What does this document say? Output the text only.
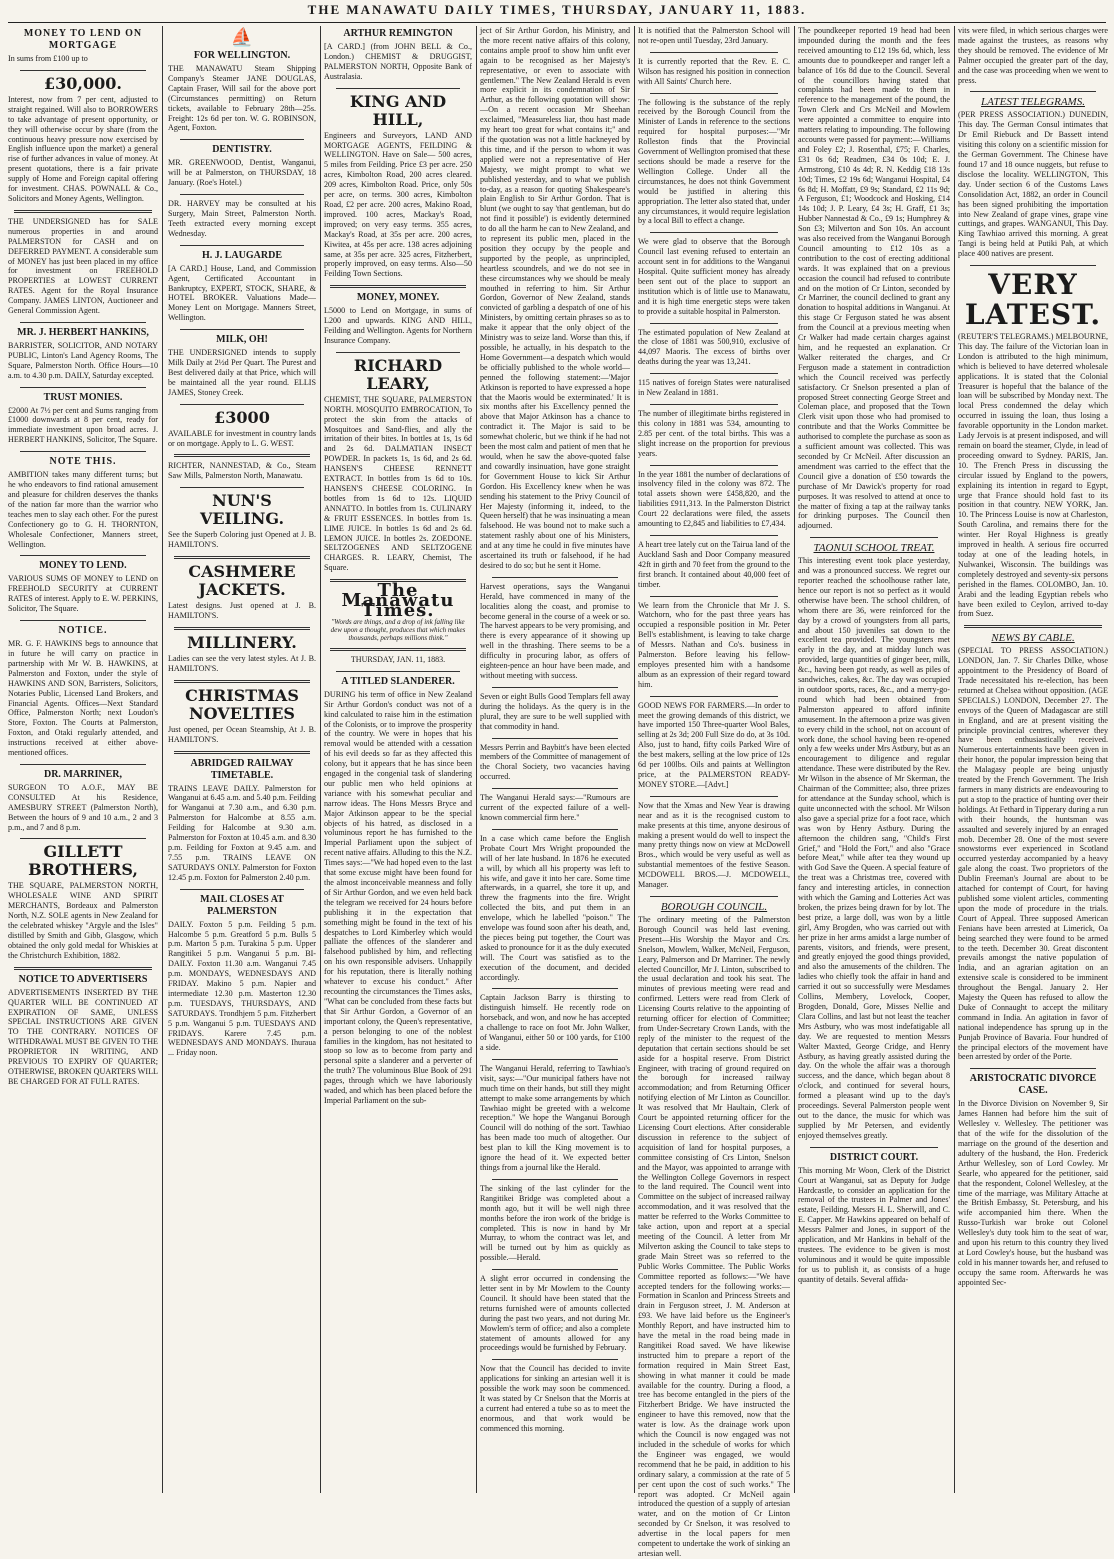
THE MANAWATU DAILY TIMES, THURSDAY, JANUARY 11, 1883.
MONEY TO LEND ON MORTGAGE
In sums from £100 up to
£30,000.
Interest, now from 7 per cent, adjusted to straight regained. Will also to BORROWERS to take advantage of present opportunity, or they will otherwise occur by share (from the continuous heavy pressure now exercised by English influence upon the market) a general rise of further advances in value of money. At present quotations, there is a fair private supply of Home and Foreign capital offering for investment. CHAS. POWNALL & Co., Solicitors and Money Agents, Wellington.
THE UNDERSIGNED has for SALE numerous properties in and around PALMERSTON for CASH and on DEFERRED PAYMENT. A considerable sum of MONEY has just been placed in my office for investment on FREEHOLD PROPERTIES at LOWEST CURRENT RATES. Agent for the Royal Insurance Company. JAMES LINTON, Auctioneer and General Commission Agent.
MR. J. HERBERT HANKINS,
BARRISTER, SOLICITOR, AND NOTARY PUBLIC, Linton's Land Agency Rooms, The Square, Palmerston North. Office Hours—10 a.m. to 4.30 p.m. DAILY, Saturday excepted.
TRUST MONIES.
£2000 At 7½ per cent and Sums ranging from £1000 downwards at 8 per cent, ready for immediate investment upon broad acres. J. HERBERT HANKINS, Solicitor, The Square.
NOTE THIS.
AMBITION takes many different turns; but he who endeavors to find rational amusement and pleasure for children deserves the thanks of the nation far more than the warrior who teaches men to slay each other. For the purest Confectionery go to G. H. THORNTON, Wholesale Confectioner, Manners street, Wellington.
MONEY TO LEND.
VARIOUS SUMS OF MONEY to LEND on FREEHOLD SECURITY at CURRENT RATES of interest. Apply to E. W. PERKINS, Solicitor, The Square.
NOTICE.
MR. G. F. HAWKINS begs to announce that in future he will carry on practice in partnership with Mr W. B. HAWKINS, at Palmerston and Foxton, under the style of HAWKINS AND SON, Barristers, Solicitors, Notaries Public, Licensed Land Brokers, and Financial Agents. Offices—Next Standard Office, Palmerston North; next Loudon's Store, Foxton. The Courts at Palmerston, Foxton, and Otaki regularly attended, and instructions received at either above-mentioned offices.
DR. MARRINER,
SURGEON TO A.O.F., MAY BE CONSULTED At his Residence, AMESBURY STREET (Palmerston North), Between the hours of 9 and 10 a.m., 2 and 3 p.m., and 7 and 8 p.m.
GILLETT BROTHERS,
THE SQUARE, PALMERSTON NORTH, WHOLESALE WINE AND SPIRIT MERCHANTS, Bordeaux and Palmerston North, N.Z. SOLE agents in New Zealand for the celebrated whiskey "Argyle and the Isles" distilled by Smith and Gibb, Glasgow, which obtained the only gold medal for Whiskies at the Christchurch Exhibition, 1882.
NOTICE TO ADVERTISERS
ADVERTISEMENTS INSERTED BY THE QUARTER WILL BE CONTINUED AT EXPIRATION OF SAME, UNLESS SPECIAL INSTRUCTIONS ARE GIVEN TO THE CONTRARY. NOTICES OF WITHDRAWAL MUST BE GIVEN TO THE PROPRIETOR IN WRITING, AND PREVIOUS TO EXPIRY OF QUARTER; OTHERWISE, BROKEN QUARTERS WILL BE CHARGED FOR AT FULL RATES.
⛵
FOR WELLINGTON.
THE MANAWATU Steam Shipping Company's Steamer JANE DOUGLAS, Captain Fraser, Will sail for the above port (Circumstances permitting) on Return tickets, available to February 28th—25s. Freight: 12s 6d per ton. W. G. ROBINSON, Agent, Foxton.
DENTISTRY.
MR. GREENWOOD, Dentist, Wanganui, will be at Palmerston, on THURSDAY, 18 January. (Roe's Hotel.)
DR. HARVEY may be consulted at his Surgery, Main Street, Palmerston North. Teeth extracted every morning except Wednesday.
H. J. LAUGARDE
[A CARD.] House, Land, and Commission Agent, Certificated Accountant in Bankruptcy, EXPERT, STOCK, SHARE, & HOTEL BROKER. Valuations Made—Money Lent on Mortgage. Manners Street, Wellington.
MILK, OH!
THE UNDERSIGNED intends to supply Milk Daily at 2½d Per Quart. The Purest and Best delivered daily at that Price, which will be maintained all the year round. ELLIS JAMES, Stoney Creek.
£3000
AVAILABLE for investment in country lands or on mortgage. Apply to L. G. WEST.
RICHTER, NANNESTAD, & Co., Steam Saw Mills, Palmerston North, Manawatu.
NUN'S VEILING.
See the Superb Coloring just Opened at J. B. HAMILTON'S.
CASHMERE JACKETS.
Latest designs. Just opened at J. B. HAMILTON'S.
MILLINERY.
Ladies can see the very latest styles. At J. B. HAMILTON'S.
CHRISTMAS NOVELTIES
Just opened, per Ocean Steamship, At J. B. HAMILTON'S.
ABRIDGED RAILWAY TIMETABLE.
TRAINS LEAVE DAILY. Palmerston for Wanganui at 6.45 a.m. and 5.40 p.m. Feilding for Wanganui at 7.30 a.m., and 6.30 p.m. Palmerston for Halcombe at 8.55 a.m. Feilding for Halcombe at 9.30 a.m. Palmerston for Foxton at 10.45 a.m. and 8.30 p.m. Feilding for Foxton at 9.45 a.m. and 7.55 p.m. TRAINS LEAVE ON SATURDAYS ONLY. Palmerston for Foxton 12.45 p.m. Foxton for Palmerston 2.40 p.m.
MAIL CLOSES AT PALMERSTON
DAILY. Foxton 5 p.m. Feilding 5 p.m. Halcombe 5 p.m. Greatford 5 p.m. Bulls 5 p.m. Marton 5 p.m. Turakina 5 p.m. Upper Rangitikei 5 p.m. Wanganui 5 p.m. BI-DAILY. Foxton 11.30 a.m. Wanganui 7.45 p.m. MONDAYS, WEDNESDAYS AND FRIDAY. Makino 5 p.m. Napier and intermediate 12.30 p.m. Masterton 12.30 p.m. TUESDAYS, THURSDAYS, AND SATURDAYS. Trondhjem 5 p.m. Fitzherbert 5 p.m. Wanganui 5 p.m. TUESDAYS AND FRIDAYS. Karere 7.45 p.m. WEDNESDAYS AND MONDAYS. Ihuraua ... Friday noon.
ARTHUR REMINGTON
[A CARD.] (from JOHN BELL & Co., London.) CHEMIST & DRUGGIST, PALMERSTON NORTH, Opposite Bank of Australasia.
KING AND HILL,
Engineers and Surveyors, LAND AND MORTGAGE AGENTS, FEILDING & WELLINGTON. Have on Sale— 500 acres, 5 miles from Feilding. Price £3 per acre. 250 acres, Kimbolton Road, 200 acres cleared. 209 acres, Kimbolton Road. Price, only 50s per acre, on terms. 300 acres, Kimbolton Road, £2 per acre. 200 acres, Makino Road, improved. 100 acres, Mackay's Road, improved; on very easy terms. 355 acres, Mackay's Road, at 35s per acre. 200 acres, Kiwitea, at 45s per acre. 138 acres adjoining same, at 35s per acre. 325 acres, Fitzherbert, properly improved, on easy terms. Also—50 Feilding Town Sections.
MONEY, MONEY.
L5000 to Lend on Mortgage, in sums of L200 and upwards. KING AND HILL, Feilding and Wellington. Agents for Northern Insurance Company.
RICHARD LEARY,
CHEMIST, THE SQUARE, PALMERSTON NORTH. MOSQUITO EMBROCATION, To protect the skin from the attacks of Mosquitoes and Sand-flies, and ally the irritation of their bites. In bottles at 1s, 1s 6d and 2s 6d. DALMATIAN INSECT POWDER. In packets 1s, 1s 6d, and 2s 6d. HANSEN'S CHEESE RENNETT EXTRACT. In bottles from 1s 6d to 10s. HANSEN'S CHEESE COLORING. In bottles from 1s 6d to 12s. LIQUID ANNATTO. In bottles from 1s. CULINARY & FRUIT ESSENCES. In bottles from 1s. LIME JUICE. In bottles 1s 6d and 2s 6d. LEMON JUICE. In bottles 2s. ZOEDONE. SELTZOGENES AND SELTZOGENE CHARGES. R. LEARY, Chemist, The Square.
The Manawatu Times.
"Words are things, and a drop of ink falling like dew upon a thought, produces that which makes thousands, perhaps millions think."
THURSDAY, JAN. 11, 1883.
A TITLED SLANDERER.
DURING his term of office in New Zealand Sir Arthur Gordon's conduct was not of a kind calculated to raise him in the estimation of the Colonists, or to improve the prosperity of the country. We were in hopes that his removal would be attended with a cessation of his evil deeds so far as they affected this colony, but it appears that he has since been engaged in the congenial task of slandering our public men who held opinions at variance with his somewhat peculiar and narrow ideas. The Hons Messrs Bryce and Major Atkinson appear to be the special objects of his hatred, as disclosed in a voluminous report he has furnished to the Imperial Parliament upon the subject of recent native affairs. Alluding to this the N.Z. Times says:—"We had hoped even to the last that some excuse might have been found for the almost inconceivable meanness and folly of Sir Arthur Gordon, and we even held back the telegram we received for 24 hours before publishing it in the expectation that something might be found in the text of his despatches to Lord Kimberley which would palliate the offences of the slanderer and falsehood published by him, and reflecting on his own responsible advisers. Unhappily for his reputation, there is literally nothing whatever to excuse his conduct." After recounting the circumstances the Times asks, "What can be concluded from these facts but that Sir Arthur Gordon, a Governor of an important colony, the Queen's representative, a person belonging to one of the noblest families in the kingdom, has not hesitated to stoop so low as to become from party and personal spite a slanderer and a perverter of the truth? The voluminous Blue Book of 291 pages, through which we have laboriously waded, and which has been placed before the Imperial Parliament on the sub-
ject of Sir Arthur Gordon, his Ministry, and the more recent native affairs of this colony, contains ample proof to show him unfit ever again to be recognised as her Majesty's representative, or even to associate with gentlemen." The New Zealand Herald is even more explicit in its condemnation of Sir Arthur, as the following quotation will show:—On a recent occasion Mr Sheehan exclaimed, "Measureless liar, thou hast made my heart too great for what contains it;" and if the quotation was not a little hackneyed by this time, and if the person to whom it was applied were not a representative of Her Majesty, we might prompt to what we published yesterday, and to what we publish to-day, as a reason for quoting Shakespeare's plain English to Sir Arthur Gordon. That is blunt (we ought to say 'that gentleman, but do not find it possible') is evidently determined to do all the harm he can to New Zealand, and to represent its public men, placed in the position they occupy by the people and supported by the people, as unprincipled, heartless scoundrels, and we do not see in these circumstances why we should be mealy mouthed in referring to him. Sir Arthur Gordon, Governor of New Zealand, stands convicted of garbling a despatch of one of his Ministers, by omitting certain phrases so as to make it appear that the only object of the Ministry was to seize land. Worse than this, if possible, he actually, in his despatch to the Home Government—a despatch which would be officially published to the whole world—penned the following statement:—'Major Atkinson is reported to have expressed a hope that the Maoris would be exterminated.' It is six months after his Excellency penned the above that Major Atkinson has a chance to contradict it. The Major is said to be somewhat choleric, but we think if he had not been the most calm and patient of men that he would, when he saw the above-quoted false and cowardly insinuation, have gone straight for Government House to kick Sir Arthur Gordon. His Excellency knew when he was sending his statement to the Privy Council of Her Majesty (informing it, indeed, to the Queen herself) that he was insinuating a mean falsehood. He was bound not to make such a statement rashly about one of his Ministers, and at any time he could in five minutes have ascertained its truth or falsehood, if he had desired to do so; but he sent it Home.
Harvest operations, says the Wanganui Herald, have commenced in many of the localities along the coast, and promise to become general in the course of a week or so. The harvest appears to be very promising, and there is every appearance of it showing up well in the thrashing. There seems to be a difficulty in procuring labor, as offers of eighteen-pence an hour have been made, and without meeting with success.
Seven or eight Bulls Good Templars fell away during the holidays. As the query is in the plural, they are sure to be well supplied with that commodity in hand.
Messrs Perrin and Baybitt's have been elected members of the Committee of management of the Choral Society, two vacancies having occurred.
The Wanganui Herald says:—"Rumours are current of the expected failure of a well-known commercial firm here."
In a case which came before the English Probate Court Mrs Wright propounded the will of her late husband. In 1876 he executed a will, by which all his property was left to his wife, and gave it into her care. Some time afterwards, in a quarrel, she tore it up, and threw the fragments into the fire. Wright collected the bits, and put them in an envelope, which he labelled "poison." The envelope was found soon after his death, and, the pieces being put together, the Court was asked to pronounce for it as the duly executed will. The Court was satisfied as to the execution of the document, and decided accordingly.
Captain Jackson Barry is thirsting to distinguish himself. He recently rode on horseback, and won, and now he has accepted a challenge to race on foot Mr. John Walker, of Wanganui, either 50 or 100 yards, for £100 a side.
The Wanganui Herald, referring to Tawhiao's visit, says:—"Our municipal fathers have not much time on their hands, but still they might attempt to make some arrangements by which Tawhiao might be greeted with a welcome reception." We hope the Wanganui Borough Council will do nothing of the sort. Tawhiao has been made too much of altogether. Our best plan to kill the King movement is to ignore the head of it. We expected better things from a journal like the Herald.
The sinking of the last cylinder for the Rangitikei Bridge was completed about a month ago, but it will be well nigh three months before the iron work of the bridge is completed. This is now in hand by Mr Murray, to whom the contract was let, and will be turned out by him as quickly as possible.—Herald.
A slight error occurred in condensing the letter sent in by Mr Mowlem to the County Council. It should have been stated that the returns furnished were of amounts collected during the past two years, and not during Mr. Mowlem's term of office; and also a complete statement of amounts allowed for any proceedings would be furnished by February.
Now that the Council has decided to invite applications for sinking an artesian well it is possible the work may soon be commenced. It was stated by Cr Snelson that the Morris at a current had entered a tube so as to meet the enormous, and that work would be commenced this morning.
It is notified that the Palmerston School will not re-open until Tuesday, 23rd January.
It is currently reported that the Rev. E. C. Wilson has resigned his position in connection with All Saints' Church here.
The following is the substance of the reply received by the Borough Council from the Minister of Lands in reference to the sections required for hospital purposes:—"Mr Rolleston finds that the Provincial Government of Wellington promised that these sections should be made a reserve for the Wellington College. Under all the circumstances, he does not think Government would be justified in altering this appropriation. The letter also stated that, under any circumstances, it would require legislation by a local Bill to effect a change.
We were glad to observe that the Borough Council last evening refused to entertain an account sent in for additions to the Wanganui Hospital. Quite sufficient money has already been sent out of the place to support an institution which is of little use to Manawatu, and it is high time energetic steps were taken to provide a suitable hospital in Palmerston.
The estimated population of New Zealand at the close of 1881 was 500,910, exclusive of 44,097 Maoris. The excess of births over deaths during the year was 13,241.
115 natives of foreign States were naturalised in New Zealand in 1881.
The number of illegitimate births registered in this colony in 1881 was 534, amounting to 2.85 per cent. of the total births. This was a slight increase on the proportion for previous years.
In the year 1881 the number of declarations of insolvency filed in the colony was 872. The total assets shown were £458,820, and the liabilities £911,313. In the Palmerston District Court 22 declarations were filed, the assets amounting to £2,845 and liabilities to £7,434.
A heart tree lately cut on the Tairua land of the Auckland Sash and Door Company measured 42ft in girth and 70 feet from the ground to the first branch. It contained about 40,000 feet of timber.
We learn from the Chronicle that Mr J. S. Watchorn, who for the past three years has occupied a responsible position in Mr. Peter Bell's establishment, is leaving to take charge of Messrs. Nathan and Co's. business in Palmerston. Before leaving his fellow-employes presented him with a handsome album as an expression of their regard toward him.
GOOD NEWS FOR FARMERS.—In order to meet the growing demands of this district, we have imported 150 Three-quarter Wool Bales, selling at 2s 3d; 200 Full Size do do, at 3s 10d. Also, just to hand, fifty coils Parked Wire of the best makers, selling at the low price of 12s 6d per 100lbs. Oils and paints at Wellington price, at the PALMERSTON READY-MONEY STORE.—[Advt.]
Now that the Xmas and New Year is drawing near and as it is the recognised custom to make presents at this time, anyone desirous of making a present would do well to inspect the many pretty things now on view at McDowell Bros., which would be very useful as well as substantial mementoes of the festive Season. MCDOWELL BROS.—J. MCDOWELL, Manager.
BOROUGH COUNCIL.
The ordinary meeting of the Palmerston Borough Council was held last evening. Present—His Worship the Mayor and Crs. Snelson, Mowlem, Walker, McNeil, Ferguson, Leary, Palmerson and Dr Marriner. The newly elected Councillor, Mr J. Linton, subscribed to the usual declaration and took his seat. The minutes of previous meeting were read and confirmed. Letters were read from Clerk of Licensing Courts relative to the appointing of returning officer for election of Committee; from Under-Secretary Crown Lands, with the reply of the minister to the request of the deputation that certain sections should be set aside for a hospital reserve. From District Engineer, with tracing of ground required on the borough for increased railway accommodation; and from Returning Officer notifying election of Mr Linton as Councillor. It was resolved that Mr Haultain, Clerk of Court be appointed returning officer for the Licensing Court elections. After considerable discussion in reference to the subject of acquisition of land for hospital purposes, a committee consisting of Crs Linton, Snelson and the Mayor, was appointed to arrange with the Wellington College Governors in respect to the land required. The Council went into Committee on the subject of increased railway accommodation, and it was resolved that the matter be referred to the Works Committee to take action, upon and report at a special meeting of the Council. A letter from Mr Milverton asking the Council to take steps to grade Main Street was so referred to the Public Works Committee. The Public Works Committee reported as follows:—"We have accepted tenders for the following works:—Formation in Scanlon and Princess Streets and drain in Ferguson street, J. M. Anderson at £93. We have laid before us the Engineer's Monthly Report, and have instructed him to have the metal in the road being made in Rangitikei Road saved. We have likewise instructed him to prepare a report of the formation required in Main Street East, showing in what manner it could be made available for the country. During a flood, a tree has become entangled in the piers of the Fitzherbert Bridge. We have instructed the engineer to have this removed, now that the water is low. As the drainage work upon which the Council is now engaged was not included in the schedule of works for which the Engineer was engaged, we would recommend that he be paid, in addition to his ordinary salary, a commission at the rate of 5 per cent upon the cost of such works." The report was adopted. Cr McNeil again introduced the question of a supply of artesian water, and on the motion of Cr Linton seconded by Cr Snelson, it was resolved to advertise in the local papers for men competent to undertake the work of sinking an artesian well.
The poundkeeper reported 19 head had been impounded during the month and the fees received amounting to £12 19s 6d, which, less amounts due to poundkeeper and ranger left a balance of 16s 8d due to the Council. Several of the councillors having stated that complaints had been made to them in reference to the management of the pound, the Town Clerk and Crs McNeil and Mowlem were appointed a committee to enquire into matters relating to impounding. The following accounts were passed for payment:—Williams and Foley £2; J. Rosenthal, £75; F. Charles, £31 0s 6d; Readmen, £34 0s 10d; E. J. Armstrong, £10 4s 4d; R. N. Keddig £18 13s 10d; Times, £2 19s 6d; Wanganui Hospital, £4 6s 8d; H. Moffatt, £9 9s; Standard, £2 11s 9d; A Ferguson, £1; Woodcock and Hosking, £14 14s 10d; J. P. Leary, £4 3s; H. Graff, £1 3s; Hubber Nannestad & Co., £9 1s; Humphrey & Son £3; Milverton and Son 10s. An account was also received from the Wanganui Borough Council amounting to £12 10s as a contribution to the cost of erecting additional wards. It was explained that on a previous occasion the council had refused to contribute and on the motion of Cr Linton, seconded by Cr Marriner, the council declined to grant any donation to hospital additions in Wanganui. At this stage Cr Ferguson stated he was absent from the Council at a previous meeting when Cr Walker had made certain charges against him, and he requested an explanation. Cr Walker reiterated the charges, and Cr Ferguson made a statement in contradiction which the Council received was perfectly satisfactory. Cr Snelson presented a plan of proposed Street connecting George Street and Coleman place, and proposed that the Town Clerk visit upon those who had promised to contribute and that the Works Committee be authorised to complete the purchase as soon as a sufficient amount was collected. This was seconded by Cr McNeil. After discussion an amendment was carried to the effect that the Council give a donation of £50 towards the purchase of Mr Dawick's property for road purposes. It was resolved to attend at once to the matter of fixing a tap at the railway tanks for drinking purposes. The Council then adjourned.
TAONUI SCHOOL TREAT.
This interesting event took place yesterday, and was a pronounced success. We regret our reporter reached the schoolhouse rather late, hence our report is not so perfect as it would otherwise have been. The school children, of whom there are 36, were reinforced for the day by a crowd of youngsters from all parts, and about 150 juveniles sat down to the excellent tea provided. The youngsters met early in the day, and at midday lunch was provided, large quantities of ginger beer, milk, &c., having been got ready, as well as piles of sandwiches, cakes, &c. The day was occupied in outdoor sports, races, &c., and a merry-go-round which had been obtained from Palmerston appeared to afford infinite amusement. In the afternoon a prize was given to every child in the school, not on account of work done, the school having been re-opened only a few weeks under Mrs Astbury, but as an encouragement to diligence and regular attendance. These were distributed by the Rev. Mr Wilson in the absence of Mr Skerman, the Chairman of the Committee; also, three prizes for attendance at the Sunday school, which is quite unconnected with the school. Mr Wilson also gave a special prize for a foot race, which was won by Henry Astbury. During the afternoon the children sang, "Child's First Grief," and "Hold the Fort," and also "Grace before Meat," while after tea they wound up with God Save the Queen. A special feature of the treat was a Christmas tree, covered with fancy and interesting articles, in connection with which the Gaming and Lotteries Act was broken, the prizes being drawn for by lot. The best prize, a large doll, was won by a little girl, Amy Brogden, who was carried out with her prize in her arms amidst a large number of parents, visitors, and friends, were present, and greatly enjoyed the good things provided, and also the amusements of the children. The ladies who chiefly took the affair in hand and carried it out so successfully were Mesdames Collins, Membery, Lovelock, Cooper, Brogden, Donald, Gore, Misses Nellie and Clara Collins, and last but not least the teacher Mrs Astbury, who was most indefatigable all day. We are requested to mention Messrs Walter Maxted, George Cridge, and Henry Astbury, as having greatly assisted during the day. On the whole the affair was a thorough success, and the dance, which began about 8 o'clock, and continued for several hours, formed a pleasant wind up to the day's proceedings. Several Palmerston people went out to the dance, the music for which was supplied by Mr Petersen, and evidently enjoyed themselves greatly.
DISTRICT COURT.
This morning Mr Woon, Clerk of the District Court at Wanganui, sat as Deputy for Judge Hardcastle, to consider an application for the removal of the trustees in Palmer and Jones' estate, Feilding. Messrs H. L. Sherwill, and C. E. Capper. Mr Hawkins appeared on behalf of Messrs Palmer and Jones, in support of the application, and Mr Hankins in behalf of the trustees. The evidence to be given is most voluminous and it would be quite impossible for us to publish it, as consists of a huge quantity of details. Several affida-
vits were filed, in which serious charges were made against the trustees, as reasons why they should be removed. The evidence of Mr Palmer occupied the greater part of the day, and the case was proceeding when we went to press.
LATEST TELEGRAMS.
(PER PRESS ASSOCIATION.) DUNEDIN, This day. The German Consul intimates that Dr Emil Riebuck and Dr Bassett intend visiting this colony on a scientific mission for the German Government. The Chinese have found 17 and 18 ounce nuggets, but refuse to disclose the locality. WELLINGTON, This day. Under section 6 of the Customs Laws Consolidation Act, 1882, an order in Council has been signed prohibiting the importation into New Zealand of grape vines, grape vine cuttings, and grapes. WANGANUI, This Day. King Tawhiao arrived this morning. A great Tangi is being held at Putiki Pah, at which place 400 natives are present.
VERY LATEST.
(REUTER'S TELEGRAMS.) MELBOURNE, This day. The failure of the Victorian loan in London is attributed to the high minimum, which is believed to have deterred wholesale applications. It is stated that the Colonial Treasurer is hopeful that the balance of the loan will be subscribed by Monday next. The local Press condemned the delay which occurred in issuing the loan, thus losing a favorable opportunity in the London market. Lady Jervois is at present indisposed, and will remain on board the steamer, Clyde, in lead of proceeding onward to Sydney. PARIS, Jan. 10. The French Press in discussing the circular issued by England to the powers, explaining its intention in regard to Egypt, urge that France should hold fast to its position in that country. NEW YORK, Jan. 10. The Princess Louise is now at Charleston, South Carolina, and remains there for the winter. Her Royal Highness is greatly improved in health. A serious fire occurred today at one of the leading hotels, in Nulwankei, Wisconsin. The buildings was completely destroyed and seventy-six persons perished in the flames. COLOMBO, Jan. 10. Arabi and the leading Egyptian rebels who have been exiled to Ceylon, arrived to-day from Suez.
NEWS BY CABLE.
(SPECIAL TO PRESS ASSOCIATION.) LONDON, Jan. 7. Sir Charles Dilke, whose appointment to the Presidency of Board of Trade necessitated his re-election, has been returned at Chelsea without opposition. (AGE SPECIALS.) LONDON, December 27. The envoys of the Queen of Madagascar are still in England, and are at present visiting the principle provincial centres, wherever they have been enthusiastically received. Numerous entertainments have been given in their honor, the popular impression being that the Malagasy people are being unjustly treated by the French Government. The Irish farmers in many districts are endeavouring to put a stop to the practice of hunting over their holdings. At Fethard in Tipperary during a run with their hounds, the huntsman was assaulted and severely injured by an enraged mob. December 28. One of the most severe snowstorms ever experienced in Scotland occurred yesterday accompanied by a heavy gale along the coast. Two proprietors of the Dublin Freeman's Journal are about to be attached for contempt of Court, for having published some violent articles, commenting upon the mode of procedure in the trials. Court of Appeal. Three supposed American Fenians have been arrested at Limerick, Oa being searched they were found to be armed to the teeth. December 30. Great discontent prevails amongst the native population of India, and an agrarian agitation on an extensive scale is considered to be imminent throughout the Bengal. January 2. Her Majesty the Queen has refused to allow the Duke of Connaught to accept the military command in India. An agitation in favor of national independence has sprung up in the Punjab Province of Bavaria. Four hundred of the principal electors of the movement have been arrested by order of the Porte.
ARISTOCRATIC DIVORCE CASE.
In the Divorce Division on November 9, Sir James Hannen had before him the suit of Wellesley v. Wellesley. The petitioner was that of the wife for the dissolution of the marriage on the ground of the desertion and adultery of the husband, the Hon. Frederick Arthur Wellesley, son of Lord Cowley. Mr Searle, who appeared for the petitioner, said that the respondent, Colonel Wellesley, at the time of the marriage, was Military Attache at the British Embassy, St. Petersburg, and his wife accompanied him there. When the Russo-Turkish war broke out Colonel Wellesley's duty took him to the seat of war, and upon his return to this country they lived at Lord Cowley's house, but the husband was cold in his manner towards her, and refused to occupy the same room. Afterwards he was appointed Sec-
